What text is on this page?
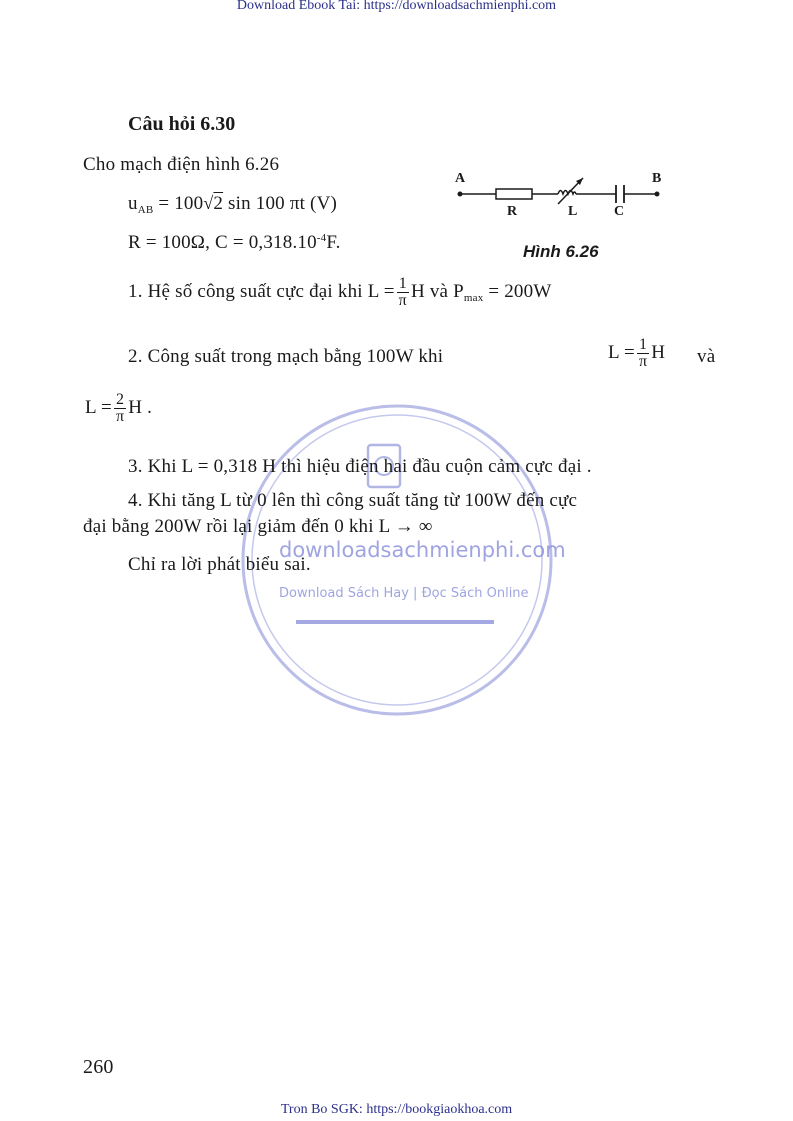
Download Ebook Tai: https://downloadsachmienphi.com
Tron Bo SGK: https://bookgiaokhoa.com
downloadsachmienphi.com
Download Sách Hay | Đọc Sách Online
Câu hỏi 6.30
Cho mạch điện hình 6.26
$u_{AB} = 100√2$ sin 100 πt (V)
R = 100Ω, $C = 0,318.10^{-4}F$.
A	B
R	L	C
Hình 6.26
1. Hệ số công suất cực đại khi $L = \frac{1}{\pi}$ H và $P_{max} = 200W$
2. Công suất trong mạch bằng 100W khi	$L = \frac{1}{\pi}$ H và
$L = \frac{2}{\pi}$ H .
3. Khi L = 0,318 H thì hiệu điện hai đầu cuộn cảm cực đại .
4. Khi tăng L từ 0 lên thì công suất tăng từ 100W đến cực
đại bằng 200W rồi lại giảm đến 0 khi L → ∞
Chỉ ra lời phát biểu sai.
260
